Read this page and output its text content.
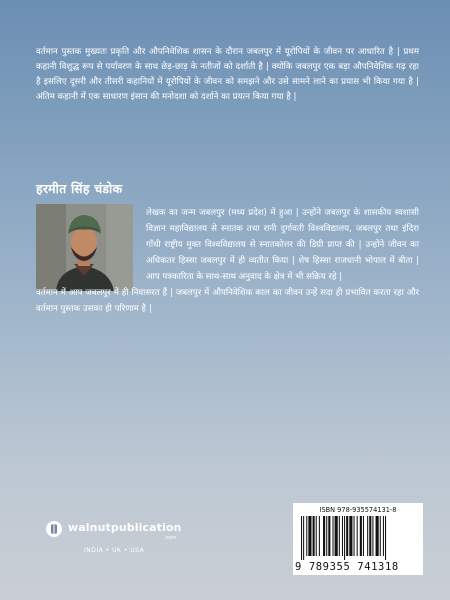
वर्तमान पुस्तक मुख्यतः प्रकृति और औपनिवेशिक शासन के दौरान जबलपुर में यूरोपियों के जीवन पर आधारित है | प्रथम कहानी विशुद्ध रूप से पर्यावरण के साथ छेड़-छाड़ के नतीजों को दर्शाती है | क्योंकि जबलपुर एक बड़ा औपनिवेशिक गढ़ रहा है इसलिए दूसरी और तीसरी कहानियों में यूरोपियों के जीवन को समझने और उसे सामने लाने का प्रयास भी किया गया है | अंतिम कहानी में एक साधारण इंसान की मनोदशा को दर्शाने का प्रयत्न किया गया है |
हरमीत सिंह चंडोक
लेखक का जन्म जबलपुर (मध्य प्रदेश) में हुआ | उन्होंने जबलपुर के शासकीय स्वशासी विज्ञान महाविद्यालय से स्नातक तथा रानी दुर्गावती विश्वविद्यालय, जबलपुर तथा इंदिरा गाँधी राष्ट्रीय मुक्त विश्वविद्यालय से स्नातकोत्तर की डिग्री प्राप्त की | उन्होंने जीवन का अधिकतर हिस्सा जबलपुर में ही व्यतीत किया | शेष हिस्सा राजधानी भोपाल में बीता | आप पत्रकारिता के साथ-साथ अनुवाद के क्षेत्र में भी सक्रिय रहे |
वर्तमान में आप जबलपुर में ही निवासरत हैं | जबलपुर में औपनिवेशिक काल का जीवन उन्हें सदा ही प्रभावित करता रहा और वर्तमान पुस्तक उसका ही परिणाम है |
walnutpublication
.com
INDIA • UK • USA
ISBN 978-935574131-8
9 789355 741318
